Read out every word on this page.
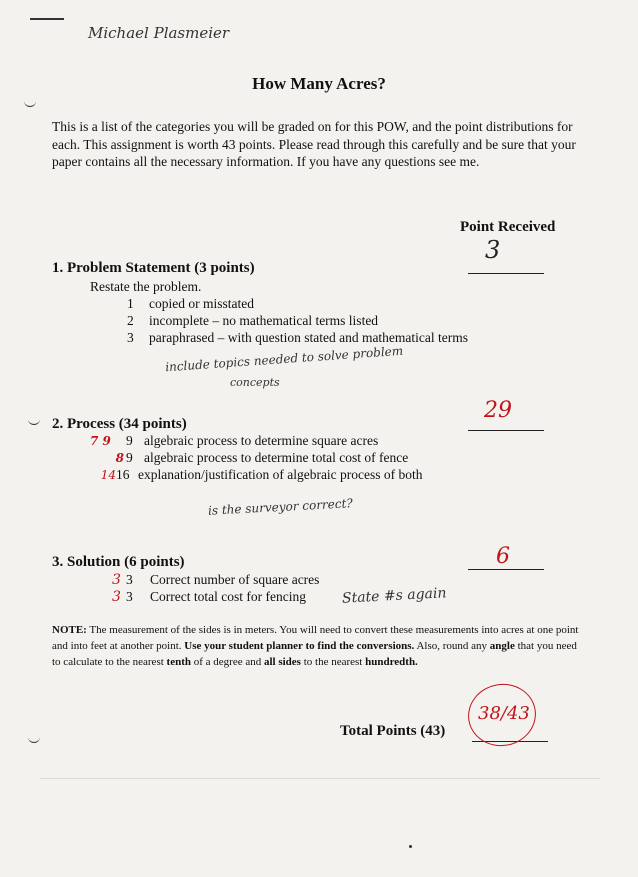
Michael Plasmeier

How Many Acres?
This is a list of the categories you will be graded on for this POW, and the point distributions for each. This assignment is worth 43 points. Please read through this carefully and be sure that your paper contains all the necessary information. If you have any questions see me.
Point Received
1. Problem Statement (3 points)
Restate the problem.
1 copied or misstated
2 incomplete – no mathematical terms listed
3 paraphrased – with question stated and mathematical terms
3
include topics needed to solve problem
concepts
2. Process (34 points)
7 9 9 algebraic process to determine square acres
8 9 algebraic process to determine total cost of fence
1416 explanation/justification of algebraic process of both
29
is the surveyor correct?
3. Solution (6 points)
3 3 Correct number of square acres
3 3 Correct total cost for fencing
6
State #s again
NOTE: The measurement of the sides is in meters. You will need to convert these measurements into acres at one point and into feet at another point. Use your student planner to find the conversions. Also, round any angle that you need to calculate to the nearest tenth of a degree and all sides to the nearest hundredth.
Total Points (43)
38/43
